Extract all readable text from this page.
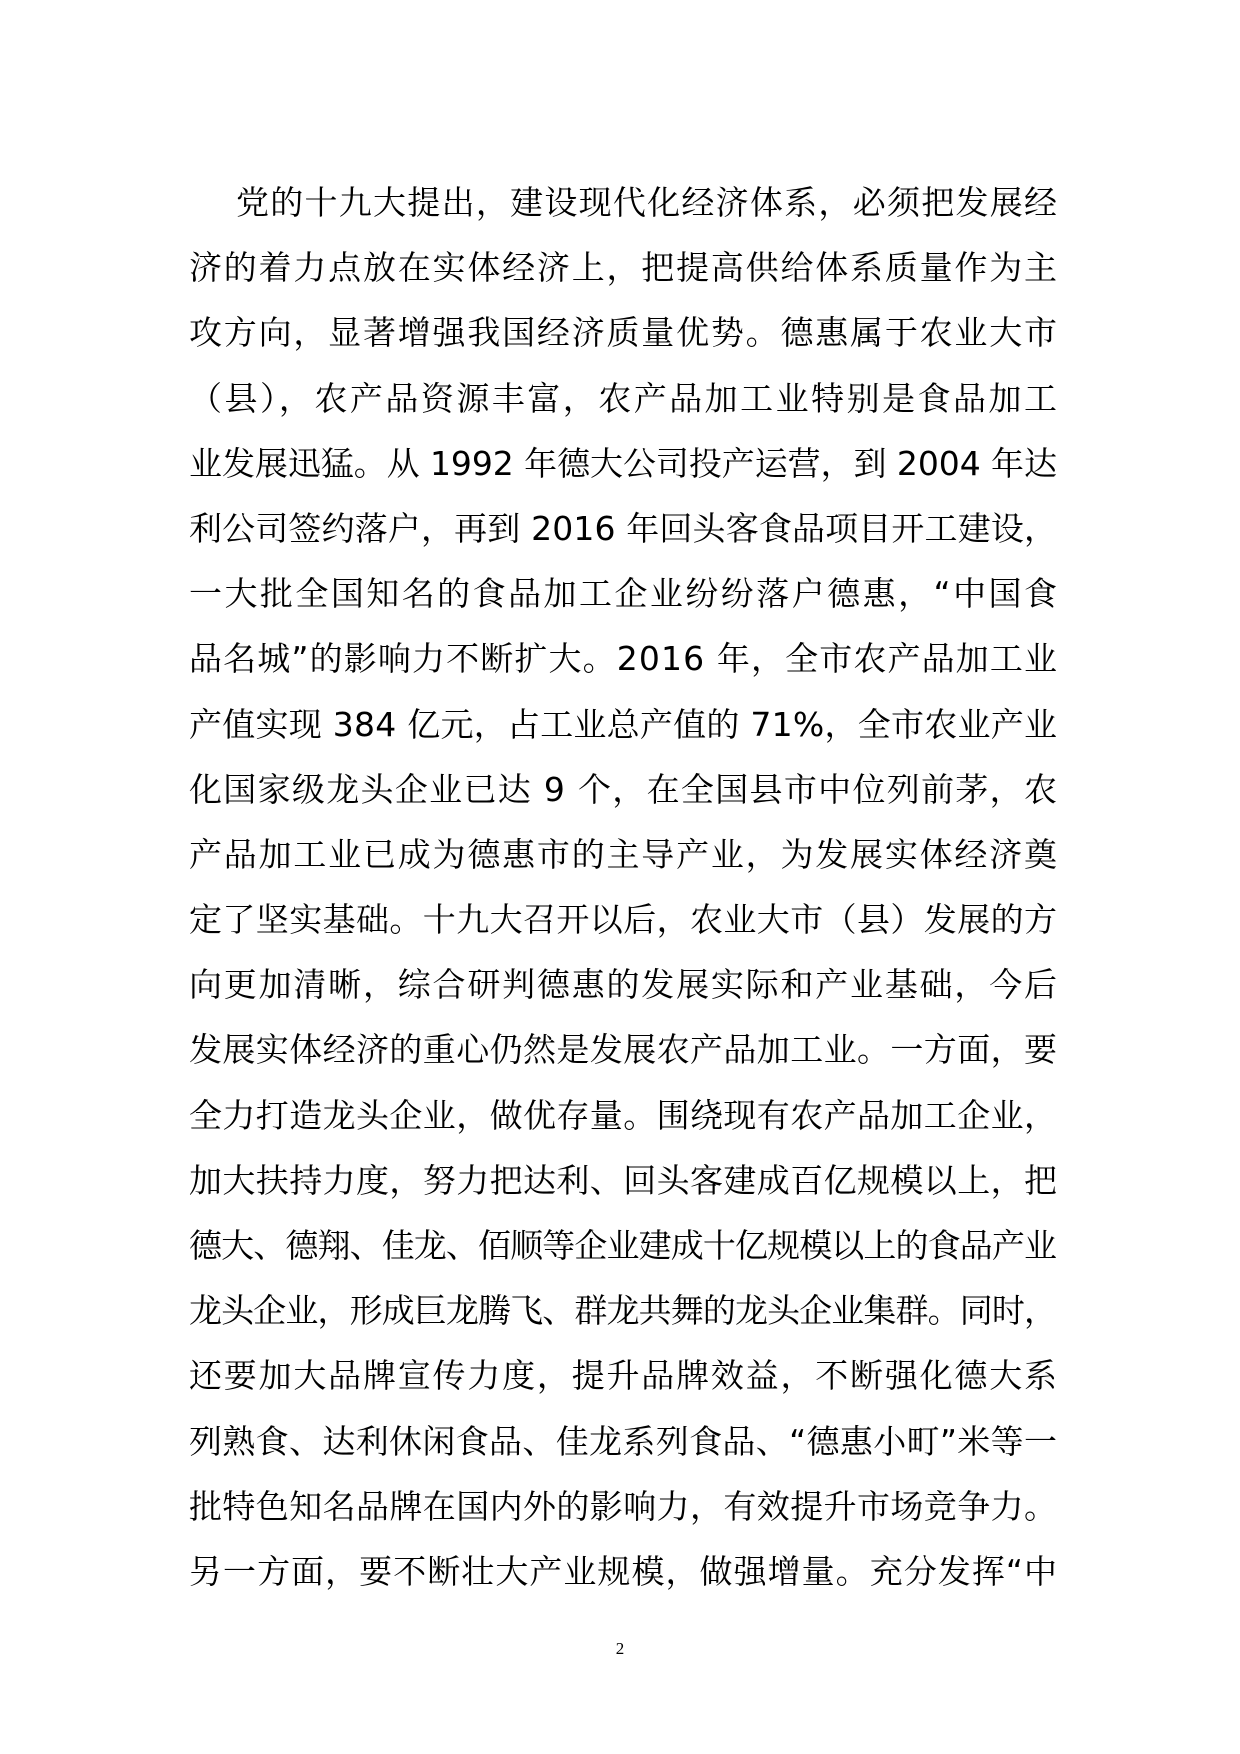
党的十九大提出，建设现代化经济体系，必须把发展经
济的着力点放在实体经济上，把提高供给体系质量作为主
攻方向，显著增强我国经济质量优势。德惠属于农业大市
（县），农产品资源丰富，农产品加工业特别是食品加工
业发展迅猛。从 1992 年德大公司投产运营，到 2004 年达
利公司签约落户，再到 2016 年回头客食品项目开工建设，
一大批全国知名的食品加工企业纷纷落户德惠，“中国食
品名城”的影响力不断扩大。2016 年，全市农产品加工业
产值实现 384 亿元，占工业总产值的 71%，全市农业产业
化国家级龙头企业已达 9 个，在全国县市中位列前茅，农
产品加工业已成为德惠市的主导产业，为发展实体经济奠
定了坚实基础。十九大召开以后，农业大市（县）发展的方
向更加清晰，综合研判德惠的发展实际和产业基础，今后
发展实体经济的重心仍然是发展农产品加工业。一方面，要
全力打造龙头企业，做优存量。围绕现有农产品加工企业，
加大扶持力度，努力把达利、回头客建成百亿规模以上，把
德大、德翔、佳龙、佰顺等企业建成十亿规模以上的食品产业
龙头企业，形成巨龙腾飞、群龙共舞的龙头企业集群。同时，
还要加大品牌宣传力度，提升品牌效益，不断强化德大系
列熟食、达利休闲食品、佳龙系列食品、“德惠小町”米等一
批特色知名品牌在国内外的影响力，有效提升市场竞争力。
另一方面，要不断壮大产业规模，做强增量。充分发挥“中
2
